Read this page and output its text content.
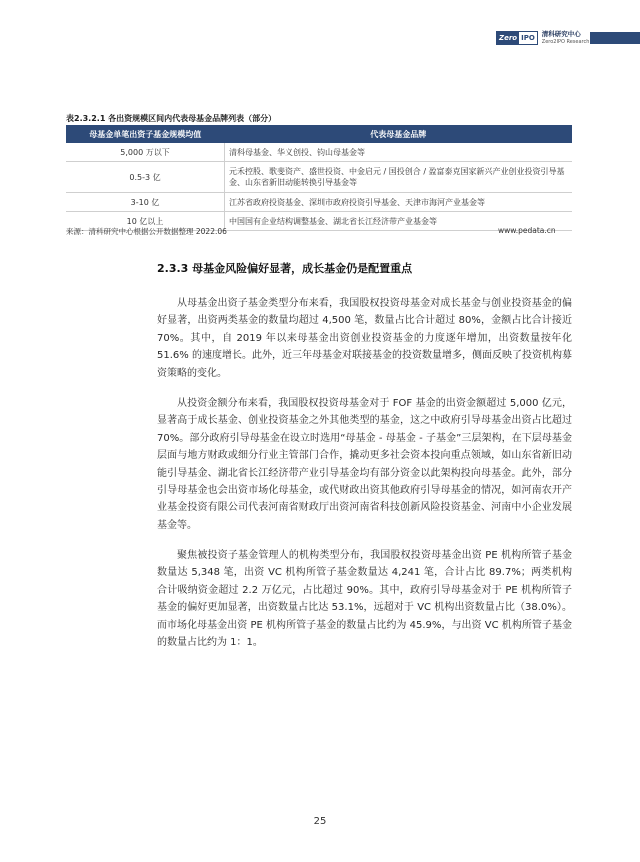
Zero IPO	清科研究中心
Zero2IPO Research
表2.3.2.1 各出资规模区间内代表母基金品牌列表（部分）
母基金单笔出资子基金规模均值	代表母基金品牌
5,000 万以下	清科母基金、华义创投、钧山母基金等
0.5-3 亿	元禾控股、歌斐资产、盛世投资、中金启元 / 国投创合 / 盈富泰克国家新兴产业创业投资引导基金、山东省新旧动能转换引导基金等
3-10 亿	江苏省政府投资基金、深圳市政府投资引导基金、天津市海河产业基金等
10 亿以上	中国国有企业结构调整基金、湖北省长江经济带产业基金等
来源：清科研究中心根据公开数据整理 2022.06	www.pedata.cn
2.3.3 母基金风险偏好显著，成长基金仍是配置重点

从母基金出资子基金类型分布来看，我国股权投资母基金对成长基金与创业投资基金的偏好显著，出资两类基金的数量均超过 4,500 笔，数量占比合计超过 80%，金额占比合计接近 70%。其中，自 2019 年以来母基金出资创业投资基金的力度逐年增加，出资数量按年化 51.6% 的速度增长。此外，近三年母基金对联接基金的投资数量增多，侧面反映了投资机构募资策略的变化。

从投资金额分布来看，我国股权投资母基金对于 FOF 基金的出资金额超过 5,000 亿元，显著高于成长基金、创业投资基金之外其他类型的基金，这之中政府引导母基金出资占比超过 70%。部分政府引导母基金在设立时选用“母基金 - 母基金 - 子基金”三层架构，在下层母基金层面与地方财政或细分行业主管部门合作，撬动更多社会资本投向重点领域，如山东省新旧动能引导基金、湖北省长江经济带产业引导基金均有部分资金以此架构投向母基金。此外，部分引导母基金也会出资市场化母基金，或代财政出资其他政府引导母基金的情况，如河南农开产业基金投资有限公司代表河南省财政厅出资河南省科技创新风险投资基金、河南中小企业发展基金等。

聚焦被投资子基金管理人的机构类型分布，我国股权投资母基金出资 PE 机构所管子基金数量达 5,348 笔，出资 VC 机构所管子基金数量达 4,241 笔，合计占比 89.7%；两类机构合计吸纳资金超过 2.2 万亿元，占比超过 90%。其中，政府引导母基金对于 PE 机构所管子基金的偏好更加显著，出资数量占比达 53.1%，远超对于 VC 机构出资数量占比（38.0%）。而市场化母基金出资 PE 机构所管子基金的数量占比约为 45.9%，与出资 VC 机构所管子基金的数量占比约为 1：1。

25
